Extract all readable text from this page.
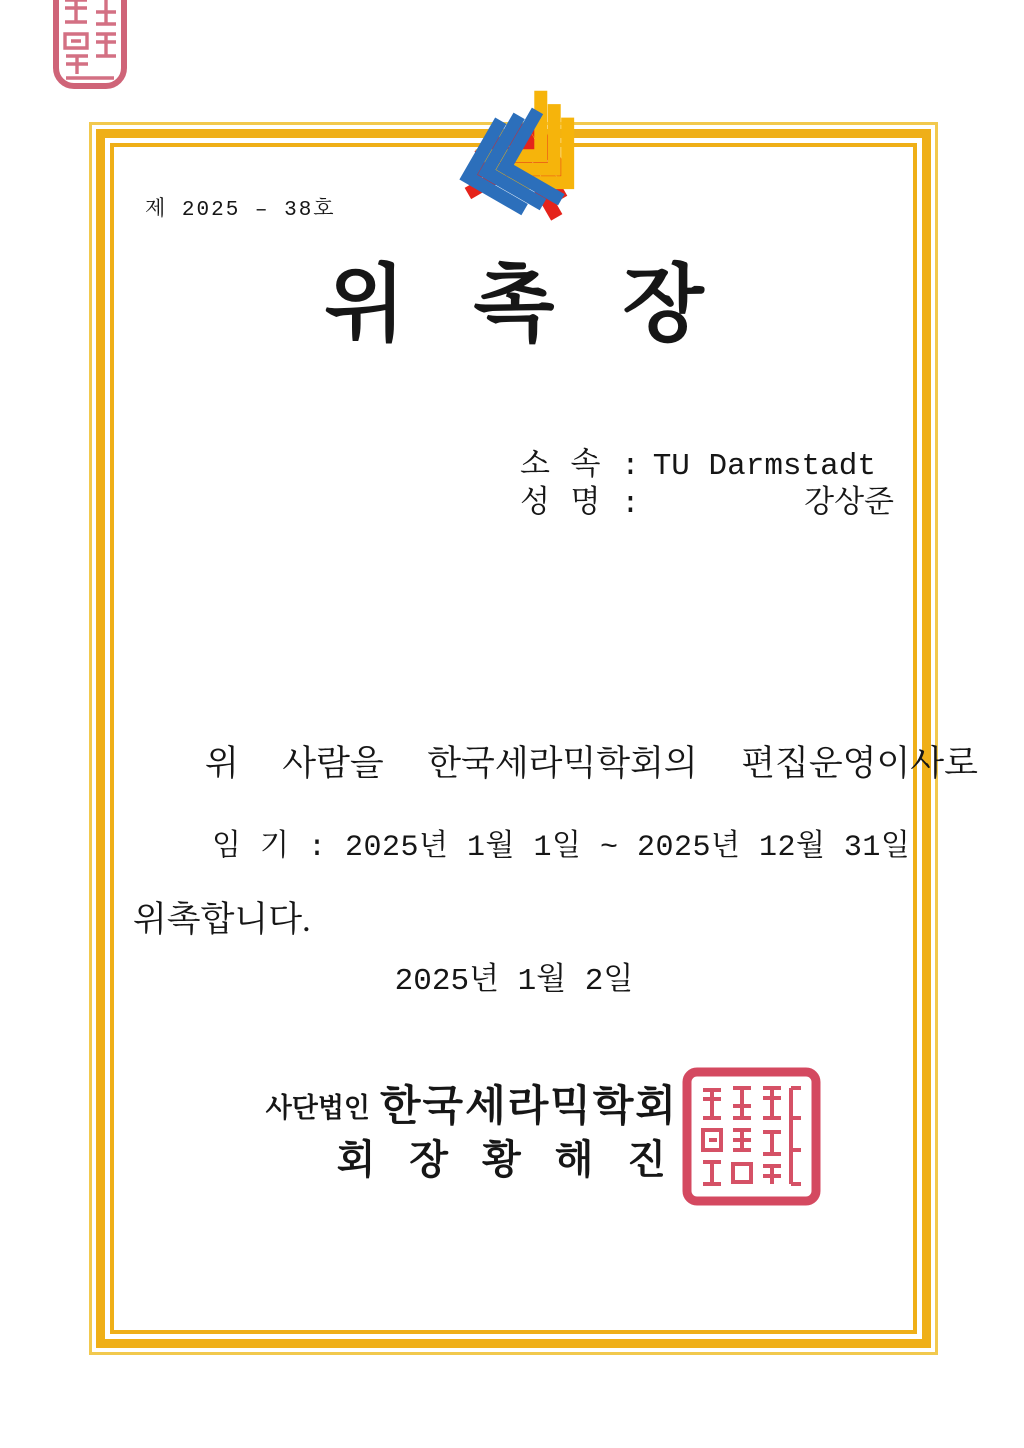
제 2025 – 38호
위 촉 장
소 속 : TU Darmstadt
성 명 :	강상준

위  사람을  한국세라믹학회의  편집운영이사로

위촉합니다.

임 기 : 2025년 1월 1일 ~ 2025년 12월 31일
2025년 1월 2일
사단법인 한국세라믹학회
회 장 황 해 진
